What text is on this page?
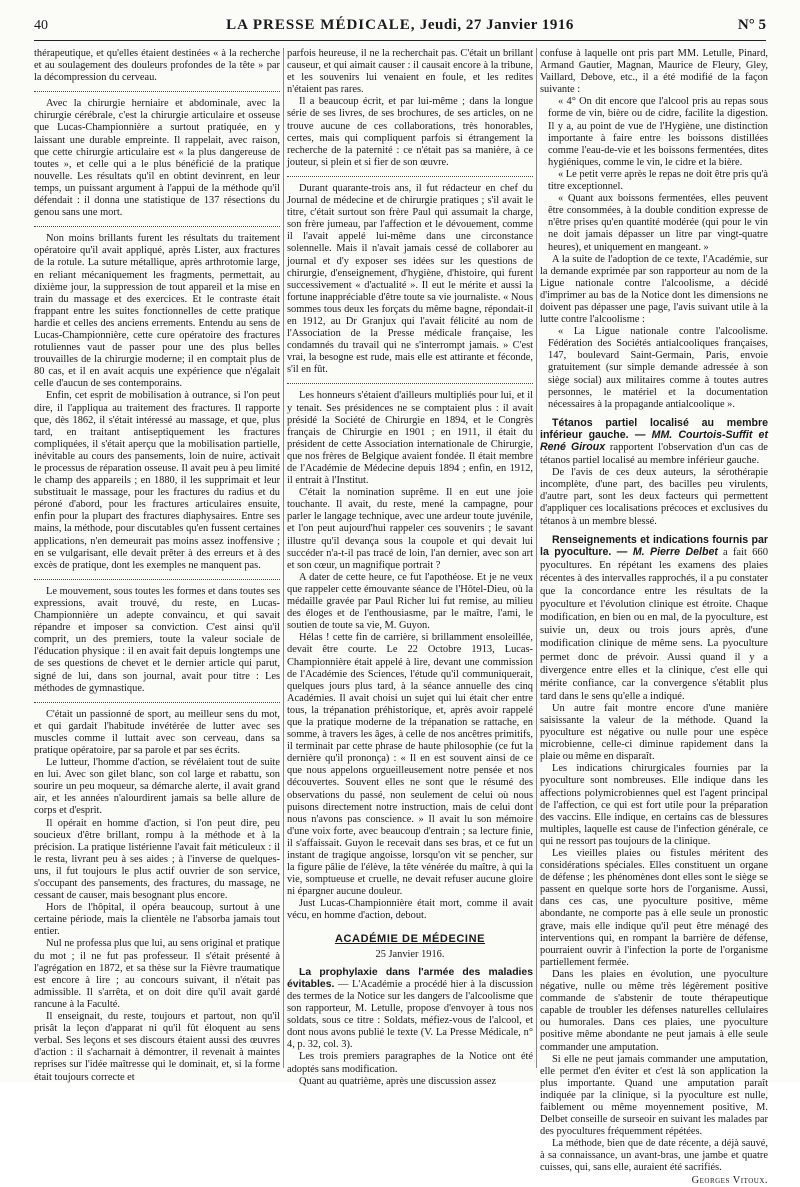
40	LA PRESSE MÉDICALE, Jeudi, 27 Janvier 1916	N° 5

thérapeutique, et qu'elles étaient destinées « à la recherche et au soulagement des douleurs profondes de la tête » par la décompression du cerveau.

Avec la chirurgie herniaire et abdominale, avec la chirurgie cérébrale, c'est la chirurgie articulaire et osseuse que Lucas-Championnière a surtout pratiquée, en y laissant une durable empreinte. Il rappelait, avec raison, que cette chirurgie articulaire est « la plus dangereuse de toutes », et celle qui a le plus bénéficié de la pratique nouvelle. Les résultats qu'il en obtint devinrent, en leur temps, un puissant argument à l'appui de la méthode qu'il défendait : il donna une statistique de 137 résections du genou sans une mort.

Non moins brillants furent les résultats du traitement opératoire qu'il avait appliqué, après Lister, aux fractures de la rotule. La suture métallique, après arthrotomie large, en reliant mécaniquement les fragments, permettait, au dixième jour, la suppression de tout appareil et la mise en train du massage et des exercices. Et le contraste était frappant entre les suites fonctionnelles de cette pratique hardie et celles des anciens errements. Entendu au sens de Lucas-Championnière, cette cure opératoire des fractures rotuliennes vaut de passer pour une des plus belles trouvailles de la chirurgie moderne; il en comptait plus de 80 cas, et il en avait acquis une expérience que n'égalait celle d'aucun de ses contemporains.

Enfin, cet esprit de mobilisation à outrance, si l'on peut dire, il l'appliqua au traitement des fractures. Il rapporte que, dès 1862, il s'était intéressé au massage, et que, plus tard, en traitant antiseptiquement les fractures compliquées, il s'était aperçu que la mobilisation partielle, inévitable au cours des pansements, loin de nuire, activait le processus de réparation osseuse. Il avait peu à peu limité le champ des appareils ; en 1880, il les supprimait et leur substituait le massage, pour les fractures du radius et du péroné d'abord, pour les fractures articulaires ensuite, enfin pour la plupart des fractures diaphysaires. Entre ses mains, la méthode, pour discutables qu'en fussent certaines applications, n'en demeurait pas moins assez inoffensive ; en se vulgarisant, elle devait prêter à des erreurs et à des excès de pratique, dont les exemples ne manquent pas.

Le mouvement, sous toutes les formes et dans toutes ses expressions, avait trouvé, du reste, en Lucas-Championnière un adepte convaincu, et qui savait répandre et imposer sa conviction. C'est ainsi qu'il comprit, un des premiers, toute la valeur sociale de l'éducation physique : il en avait fait depuis longtemps une de ses questions de chevet et le dernier article qui parut, signé de lui, dans son journal, avait pour titre : Les méthodes de gymnastique.

C'était un passionné de sport, au meilleur sens du mot, et qui gardait l'habitude invétérée de lutter avec ses muscles comme il luttait avec son cerveau, dans sa pratique opératoire, par sa parole et par ses écrits.

Le lutteur, l'homme d'action, se révélaient tout de suite en lui. Avec son gilet blanc, son col large et rabattu, son sourire un peu moqueur, sa démarche alerte, il avait grand air, et les années n'alourdirent jamais sa belle allure de corps et d'esprit.

Il opérait en homme d'action, si l'on peut dire, peu soucieux d'être brillant, rompu à la méthode et à la précision. La pratique listérienne l'avait fait méticuleux : il le resta, livrant peu à ses aides ; à l'inverse de quelques-uns, il fut toujours le plus actif ouvrier de son service, s'occupant des pansements, des fractures, du massage, ne cessant de causer, mais besognant plus encore.

Hors de l'hôpital, il opéra beaucoup, surtout à une certaine période, mais la clientèle ne l'absorba jamais tout entier.

Nul ne professa plus que lui, au sens original et pratique du mot ; il ne fut pas professeur. Il s'était présenté à l'agrégation en 1872, et sa thèse sur la Fièvre traumatique est encore à lire ; au concours suivant, il n'était pas admissible. Il s'arrêta, et on doit dire qu'il avait gardé rancune à la Faculté.

Il enseignait, du reste, toujours et partout, non qu'il prisât la leçon d'apparat ni qu'il fût éloquent au sens verbal. Ses leçons et ses discours étaient aussi des œuvres d'action : il s'acharnait à démontrer, il revenait à maintes reprises sur l'idée maîtresse qui le dominait, et, si la forme était toujours correcte et

parfois heureuse, il ne la recherchait pas. C'était un brillant causeur, et qui aimait causer : il causait encore à la tribune, et les souvenirs lui venaient en foule, et les redites n'étaient pas rares.

Il a beaucoup écrit, et par lui-même ; dans la longue série de ses livres, de ses brochures, de ses articles, on ne trouve aucune de ces collaborations, très honorables, certes, mais qui compliquent parfois si étrangement la recherche de la paternité : ce n'était pas sa manière, à ce jouteur, si plein et si fier de son œuvre.

Durant quarante-trois ans, il fut rédacteur en chef du Journal de médecine et de chirurgie pratiques ; s'il avait le titre, c'était surtout son frère Paul qui assumait la charge, son frère jumeau, par l'affection et le dévouement, comme il l'avait appelé lui-même dans une circonstance solennelle. Mais il n'avait jamais cessé de collaborer au journal et d'y exposer ses idées sur les questions de chirurgie, d'enseignement, d'hygiène, d'histoire, qui furent successivement « d'actualité ». Il eut le mérite et aussi la fortune inappréciable d'être toute sa vie journaliste. « Nous sommes tous deux les forçats du même bagne, répondait-il en 1912, au Dr Granjux qui l'avait félicité au nom de l'Association de la Presse médicale française, les condamnés du travail qui ne s'interrompt jamais. » C'est vrai, la besogne est rude, mais elle est attirante et féconde, s'il en fût.

Les honneurs s'étaient d'ailleurs multipliés pour lui, et il y tenait. Ses présidences ne se comptaient plus : il avait présidé la Société de Chirurgie en 1894, et le Congrès français de Chirurgie en 1901 ; en 1911, il était du président de cette Association internationale de Chirurgie, que nos frères de Belgique avaient fondée. Il était membre de l'Académie de Médecine depuis 1894 ; enfin, en 1912, il entrait à l'Institut.

C'était la nomination suprême. Il en eut une joie touchante. Il avait, du reste, mené la campagne, pour parler le langage technique, avec une ardeur toute juvénile, et l'on peut aujourd'hui rappeler ces souvenirs ; le savant illustre qu'il devança sous la coupole et qui devait lui succéder n'a-t-il pas tracé de loin, l'an dernier, avec son art et son cœur, un magnifique portrait ?

A dater de cette heure, ce fut l'apothéose. Et je ne veux que rappeler cette émouvante séance de l'Hôtel-Dieu, où la médaille gravée par Paul Richer lui fut remise, au milieu des éloges et de l'enthousiasme, par le maître, l'ami, le soutien de toute sa vie, M. Guyon.

Hélas ! cette fin de carrière, si brillamment ensoleillée, devait être courte. Le 22 Octobre 1913, Lucas-Championnière était appelé à lire, devant une commission de l'Académie des Sciences, l'étude qu'il communiquerait, quelques jours plus tard, à la séance annuelle des cinq Académies. Il avait choisi un sujet qui lui était cher entre tous, la trépanation préhistorique, et, après avoir rappelé que la pratique moderne de la trépanation se rattache, en somme, à travers les âges, à celle de nos ancêtres primitifs, il terminait par cette phrase de haute philosophie (ce fut la dernière qu'il prononça) : « Il en est souvent ainsi de ce que nous appelons orgueilleusement notre pensée et nos découvertes. Souvent elles ne sont que le résumé des observations du passé, non seulement de celui où nous puisons directement notre instruction, mais de celui dont nous n'avons pas conscience. » Il avait lu son mémoire d'une voix forte, avec beaucoup d'entrain ; sa lecture finie, il s'affaissait. Guyon le recevait dans ses bras, et ce fut un instant de tragique angoisse, lorsqu'on vit se pencher, sur la figure pâlie de l'élève, la tête vénérée du maître, à qui la vie, somptueuse et cruelle, ne devait refuser aucune gloire ni épargner aucune douleur.

Just Lucas-Championnière était mort, comme il avait vécu, en homme d'action, debout.

ACADÉMIE DE MÉDECINE

25 Janvier 1916.

La prophylaxie dans l'armée des maladies évitables. — L'Académie a procédé hier à la discussion des termes de la Notice sur les dangers de l'alcoolisme que son rapporteur, M. Letulle, propose d'envoyer à tous nos soldats, sous ce titre : Soldats, méfiez-vous de l'alcool, et dont nous avons publié le texte (V. La Presse Médicale, n° 4, p. 32, col. 3).

Les trois premiers paragraphes de la Notice ont été adoptés sans modification.

Quant au quatrième, après une discussion assez

confuse à laquelle ont pris part MM. Letulle, Pinard, Armand Gautier, Magnan, Maurice de Fleury, Gley, Vaillard, Debove, etc., il a été modifié de la façon suivante :

« 4° On dit encore que l'alcool pris au repas sous forme de vin, bière ou de cidre, facilite la digestion. Il y a, au point de vue de l'Hygiène, une distinction importante à faire entre les boissons distillées comme l'eau-de-vie et les boissons fermentées, dites hygiéniques, comme le vin, le cidre et la bière.

« Le petit verre après le repas ne doit être pris qu'à titre exceptionnel.

« Quant aux boissons fermentées, elles peuvent être consommées, à la double condition expresse de n'être prises qu'en quantité modérée (qui pour le vin ne doit jamais dépasser un litre par vingt-quatre heures), et uniquement en mangeant. »

A la suite de l'adoption de ce texte, l'Académie, sur la demande exprimée par son rapporteur au nom de la Ligue nationale contre l'alcoolisme, a décidé d'imprimer au bas de la Notice dont les dimensions ne doivent pas dépasser une page, l'avis suivant utile à la lutte contre l'alcoolisme :

« La Ligue nationale contre l'alcoolisme. Fédération des Sociétés antialcooliques françaises, 147, boulevard Saint-Germain, Paris, envoie gratuitement (sur simple demande adressée à son siège social) aux militaires comme à toutes autres personnes, le matériel et la documentation nécessaires à la propagande antialcoolique ».

Tétanos partiel localisé au membre inférieur gauche. — MM. Courtois-Suffit et René Giroux rapportent l'observation d'un cas de tétanos partiel localisé au membre inférieur gauche.

De l'avis de ces deux auteurs, la sérothérapie incomplète, d'une part, des bacilles peu virulents, d'autre part, sont les deux facteurs qui permettent d'appliquer ces localisations précoces et exclusives du tétanos à un membre blessé.

Renseignements et indications fournis par la pyoculture. — M. Pierre Delbet a fait 660 pyocultures. En répétant les examens des plaies récentes à des intervalles rapprochés, il a pu constater que la concordance entre les résultats de la pyoculture et l'évolution clinique est étroite. Chaque modification, en bien ou en mal, de la pyoculture, est suivie un, deux ou trois jours après, d'une modification clinique de même sens. La pyoculture permet donc de prévoir. Aussi quand il y a divergence entre elles et la clinique, c'est elle qui mérite confiance, car la convergence s'établit plus tard dans le sens qu'elle a indiqué.

Un autre fait montre encore d'une manière saisissante la valeur de la méthode. Quand la pyoculture est négative ou nulle pour une espèce microbienne, celle-ci diminue rapidement dans la plaie ou même en disparaît.

Les indications chirurgicales fournies par la pyoculture sont nombreuses. Elle indique dans les affections polymicrobiennes quel est l'agent principal de l'affection, ce qui est fort utile pour la préparation des vaccins. Elle indique, en certains cas de blessures multiples, laquelle est cause de l'infection générale, ce qui ne ressort pas toujours de la clinique.

Les vieilles plaies ou fistules méritent des considérations spéciales. Elles constituent un organe de défense ; les phénomènes dont elles sont le siège se passent en quelque sorte hors de l'organisme. Aussi, dans ces cas, une pyoculture positive, même abondante, ne comporte pas à elle seule un pronostic grave, mais elle indique qu'il peut être ménagé des interventions qui, en rompant la barrière de défense, pourraient ouvrir à l'infection la porte de l'organisme partiellement fermée.

Dans les plaies en évolution, une pyoculture négative, nulle ou même très légèrement positive commande de s'abstenir de toute thérapeutique capable de troubler les défenses naturelles cellulaires ou humorales. Dans ces plaies, une pyoculture positive même abondante ne peut jamais à elle seule commander une amputation.

Si elle ne peut jamais commander une amputation, elle permet d'en éviter et c'est là son application la plus importante. Quand une amputation paraît indiquée par la clinique, si la pyoculture est nulle, faiblement ou même moyennement positive, M. Delbet conseille de surseoir en suivant les malades par des pyocultures fréquemment répétées.

La méthode, bien que de date récente, a déjà sauvé, à sa connaissance, un avant-bras, une jambe et quatre cuisses, qui, sans elle, auraient été sacrifiés.

Georges Vitoux.
